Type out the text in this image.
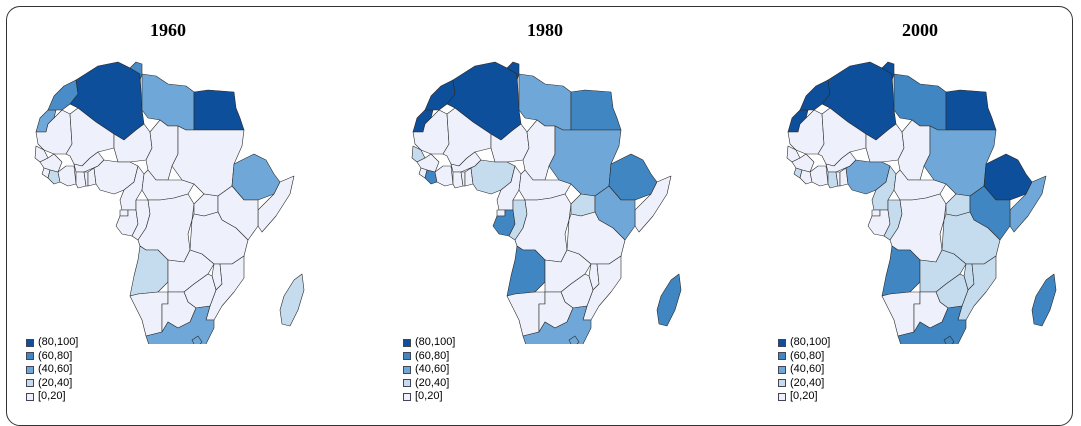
1960
(80,100]
(60,80]
(40,60]
(20,40]
[0,20]
1980
(80,100]
(60,80]
(40,60]
(20,40]
[0,20]
2000
(80,100]
(60,80]
(40,60]
(20,40]
[0,20]
